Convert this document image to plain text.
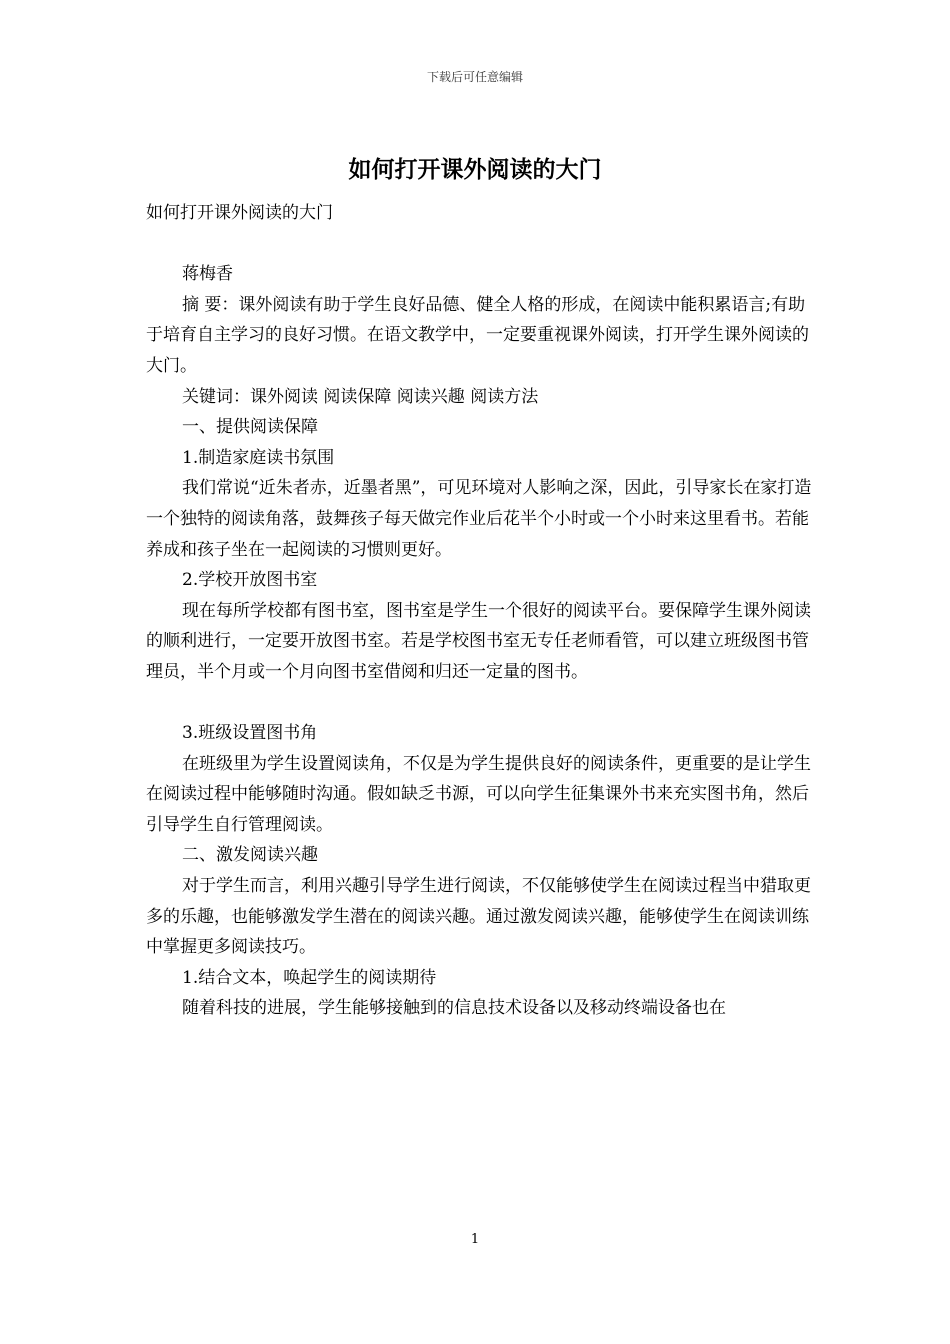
下载后可任意编辑
如何打开课外阅读的大门

如何打开课外阅读的大门

蒋梅香

摘 要：课外阅读有助于学生良好品德、健全人格的形成，在阅读中能积累语言;有助于培育自主学习的良好习惯。在语文教学中，一定要重视课外阅读，打开学生课外阅读的大门。

关键词：课外阅读 阅读保障 阅读兴趣 阅读方法

一、提供阅读保障

1.制造家庭读书氛围

我们常说“近朱者赤，近墨者黑”，可见环境对人影响之深，因此，引导家长在家打造一个独特的阅读角落，鼓舞孩子每天做完作业后花半个小时或一个小时来这里看书。若能养成和孩子坐在一起阅读的习惯则更好。

2.学校开放图书室

现在每所学校都有图书室，图书室是学生一个很好的阅读平台。要保障学生课外阅读的顺利进行，一定要开放图书室。若是学校图书室无专任老师看管，可以建立班级图书管理员，半个月或一个月向图书室借阅和归还一定量的图书。

3.班级设置图书角

在班级里为学生设置阅读角，不仅是为学生提供良好的阅读条件，更重要的是让学生在阅读过程中能够随时沟通。假如缺乏书源，可以向学生征集课外书来充实图书角，然后引导学生自行管理阅读。

二、激发阅读兴趣

对于学生而言，利用兴趣引导学生进行阅读，不仅能够使学生在阅读过程当中猎取更多的乐趣，也能够激发学生潜在的阅读兴趣。通过激发阅读兴趣，能够使学生在阅读训练中掌握更多阅读技巧。

1.结合文本，唤起学生的阅读期待

随着科技的进展，学生能够接触到的信息技术设备以及移动终端设备也在

1
